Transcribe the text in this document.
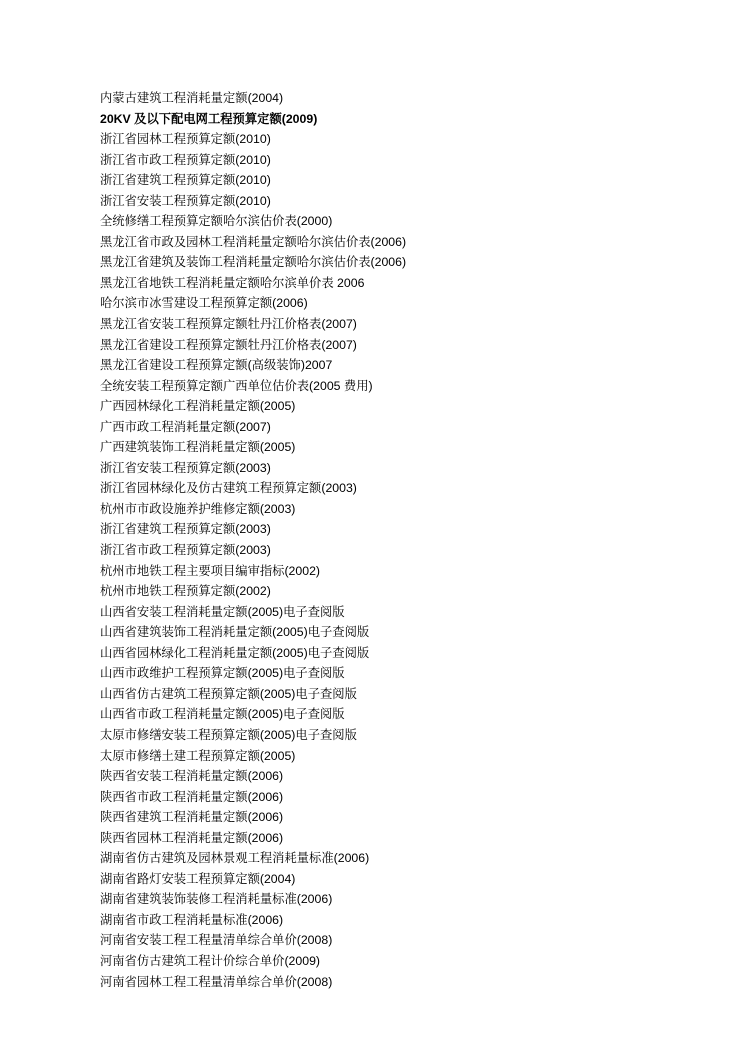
内蒙古建筑工程消耗量定额(2004)
20KV 及以下配电网工程预算定额(2009)
浙江省园林工程预算定额(2010)
浙江省市政工程预算定额(2010)
浙江省建筑工程预算定额(2010)
浙江省安装工程预算定额(2010)
全统修缮工程预算定额哈尔滨估价表(2000)
黑龙江省市政及园林工程消耗量定额哈尔滨估价表(2006)
黑龙江省建筑及装饰工程消耗量定额哈尔滨估价表(2006)
黑龙江省地铁工程消耗量定额哈尔滨单价表 2006
哈尔滨市冰雪建设工程预算定额(2006)
黑龙江省安装工程预算定额牡丹江价格表(2007)
黑龙江省建设工程预算定额牡丹江价格表(2007)
黑龙江省建设工程预算定额(高级装饰)2007
全统安装工程预算定额广西单位估价表(2005 费用)
广西园林绿化工程消耗量定额(2005)
广西市政工程消耗量定额(2007)
广西建筑装饰工程消耗量定额(2005)
浙江省安装工程预算定额(2003)
浙江省园林绿化及仿古建筑工程预算定额(2003)
杭州市市政设施养护维修定额(2003)
浙江省建筑工程预算定额(2003)
浙江省市政工程预算定额(2003)
杭州市地铁工程主要项目编审指标(2002)
杭州市地铁工程预算定额(2002)
山西省安装工程消耗量定额(2005)电子查阅版
山西省建筑装饰工程消耗量定额(2005)电子查阅版
山西省园林绿化工程消耗量定额(2005)电子查阅版
山西市政维护工程预算定额(2005)电子查阅版
山西省仿古建筑工程预算定额(2005)电子查阅版
山西省市政工程消耗量定额(2005)电子查阅版
太原市修缮安装工程预算定额(2005)电子查阅版
太原市修缮土建工程预算定额(2005)
陕西省安装工程消耗量定额(2006)
陕西省市政工程消耗量定额(2006)
陕西省建筑工程消耗量定额(2006)
陕西省园林工程消耗量定额(2006)
湖南省仿古建筑及园林景观工程消耗量标准(2006)
湖南省路灯安装工程预算定额(2004)
湖南省建筑装饰装修工程消耗量标准(2006)
湖南省市政工程消耗量标准(2006)
河南省安装工程工程量清单综合单价(2008)
河南省仿古建筑工程计价综合单价(2009)
河南省园林工程工程量清单综合单价(2008)
